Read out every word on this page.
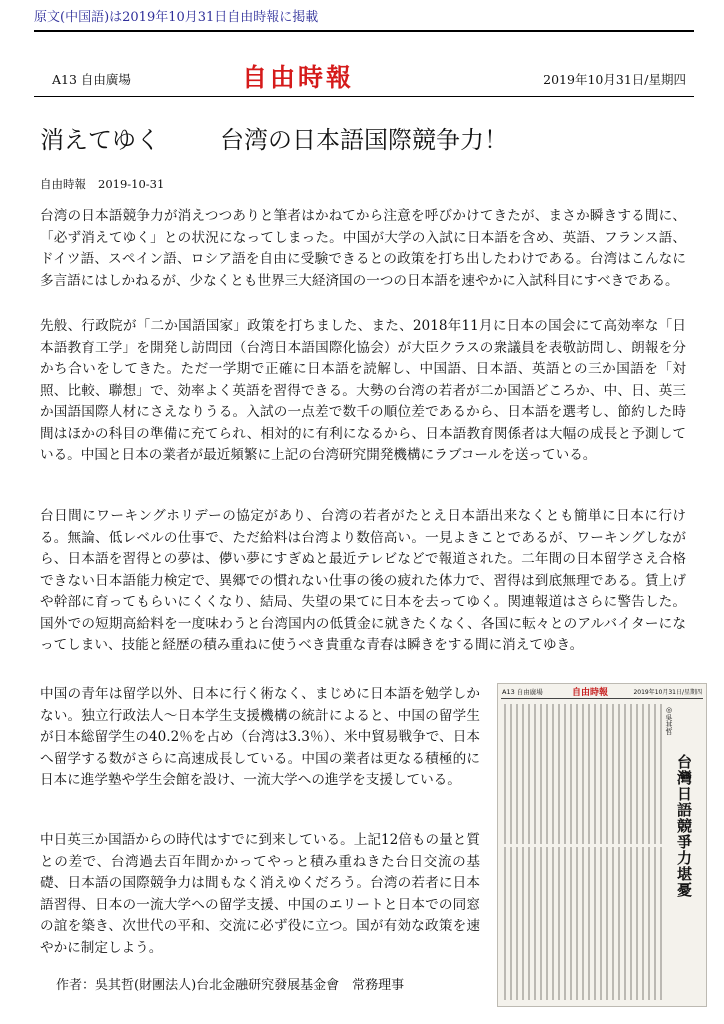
原文(中国語)は2019年10月31日自由時報に掲載
A13 自由廣場	自由時報	2019年10月31日/星期四
消えてゆく	台湾の日本語国際競争力！
自由時報 2019-10-31

台湾の日本語競争力が消えつつありと筆者はかねてから注意を呼びかけてきたが、まさか瞬きする間に、「必ず消えてゆく」との状況になってしまった。中国が大学の入試に日本語を含め、英語、フランス語、ドイツ語、スペイン語、ロシア語を自由に受験できるとの政策を打ち出したわけである。台湾はこんなに多言語にはしかねるが、少なくとも世界三大経済国の一つの日本語を速やかに入試科目にすべきである。

先般、行政院が「二か国語国家」政策を打ちました、また、2018年11月に日本の国会にて高効率な「日本語教育工学」を開発し訪問団（台湾日本語国際化協会）が大臣クラスの衆議員を表敬訪問し、朗報を分かち合いをしてきた。ただ一学期で正確に日本語を読解し、中国語、日本語、英語との三か国語を「対照、比較、聯想」で、効率よく英語を習得できる。大勢の台湾の若者が二か国語どころか、中、日、英三か国語国際人材にさえなりうる。入試の一点差で数千の順位差であるから、日本語を選考し、節約した時間はほかの科目の準備に充てられ、相対的に有利になるから、日本語教育関係者は大幅の成長と予測している。中国と日本の業者が最近頻繁に上記の台湾研究開発機構にラブコールを送っている。

台日間にワーキングホリデーの協定があり、台湾の若者がたとえ日本語出来なくとも簡単に日本に行ける。無論、低レベルの仕事で、ただ給料は台湾より数倍高い。一見よきことであるが、ワーキングしながら、日本語を習得との夢は、儚い夢にすぎぬと最近テレビなどで報道された。二年間の日本留学さえ合格できない日本語能力検定で、異郷での慣れない仕事の後の疲れた体力で、習得は到底無理である。賃上げや幹部に育ってもらいにくくなり、結局、失望の果てに日本を去ってゆく。関連報道はさらに警告した。国外での短期高給料を一度味わうと台湾国内の低賃金に就きたくなく、各国に転々とのアルバイターになってしまい、技能と経歴の積み重ねに使うべき貴重な青春は瞬きをする間に消えてゆき。

中国の青年は留学以外、日本に行く術なく、まじめに日本語を勉学しかない。独立行政法人～日本学生支援機構の統計によると、中国の留学生が日本総留学生の40.2％を占め（台湾は3.3％）、米中貿易戦争で、日本へ留学する数がさらに高速成長している。中国の業者は更なる積極的に日本に進学塾や学生会館を設け、一流大学への進学を支援している。

中日英三か国語からの時代はすでに到来している。上記12倍もの量と質との差で、台湾過去百年間かかってやっと積み重ねきた台日交流の基礎、日本語の国際競争力は間もなく消えゆくだろう。台湾の若者に日本語習得、日本の一流大学への留学支援、中国のエリートと日本での同窓の誼を築き、次世代の平和、交流に必ず役に立つ。国が有効な政策を速やかに制定しよう。

作者：吳其哲(財團法人)台北金融研究發展基金會　常務理事
A13 自由廣場	自由時報	2019年10月31日/星期四
◎吳其哲
台灣日語競爭力堪憂
